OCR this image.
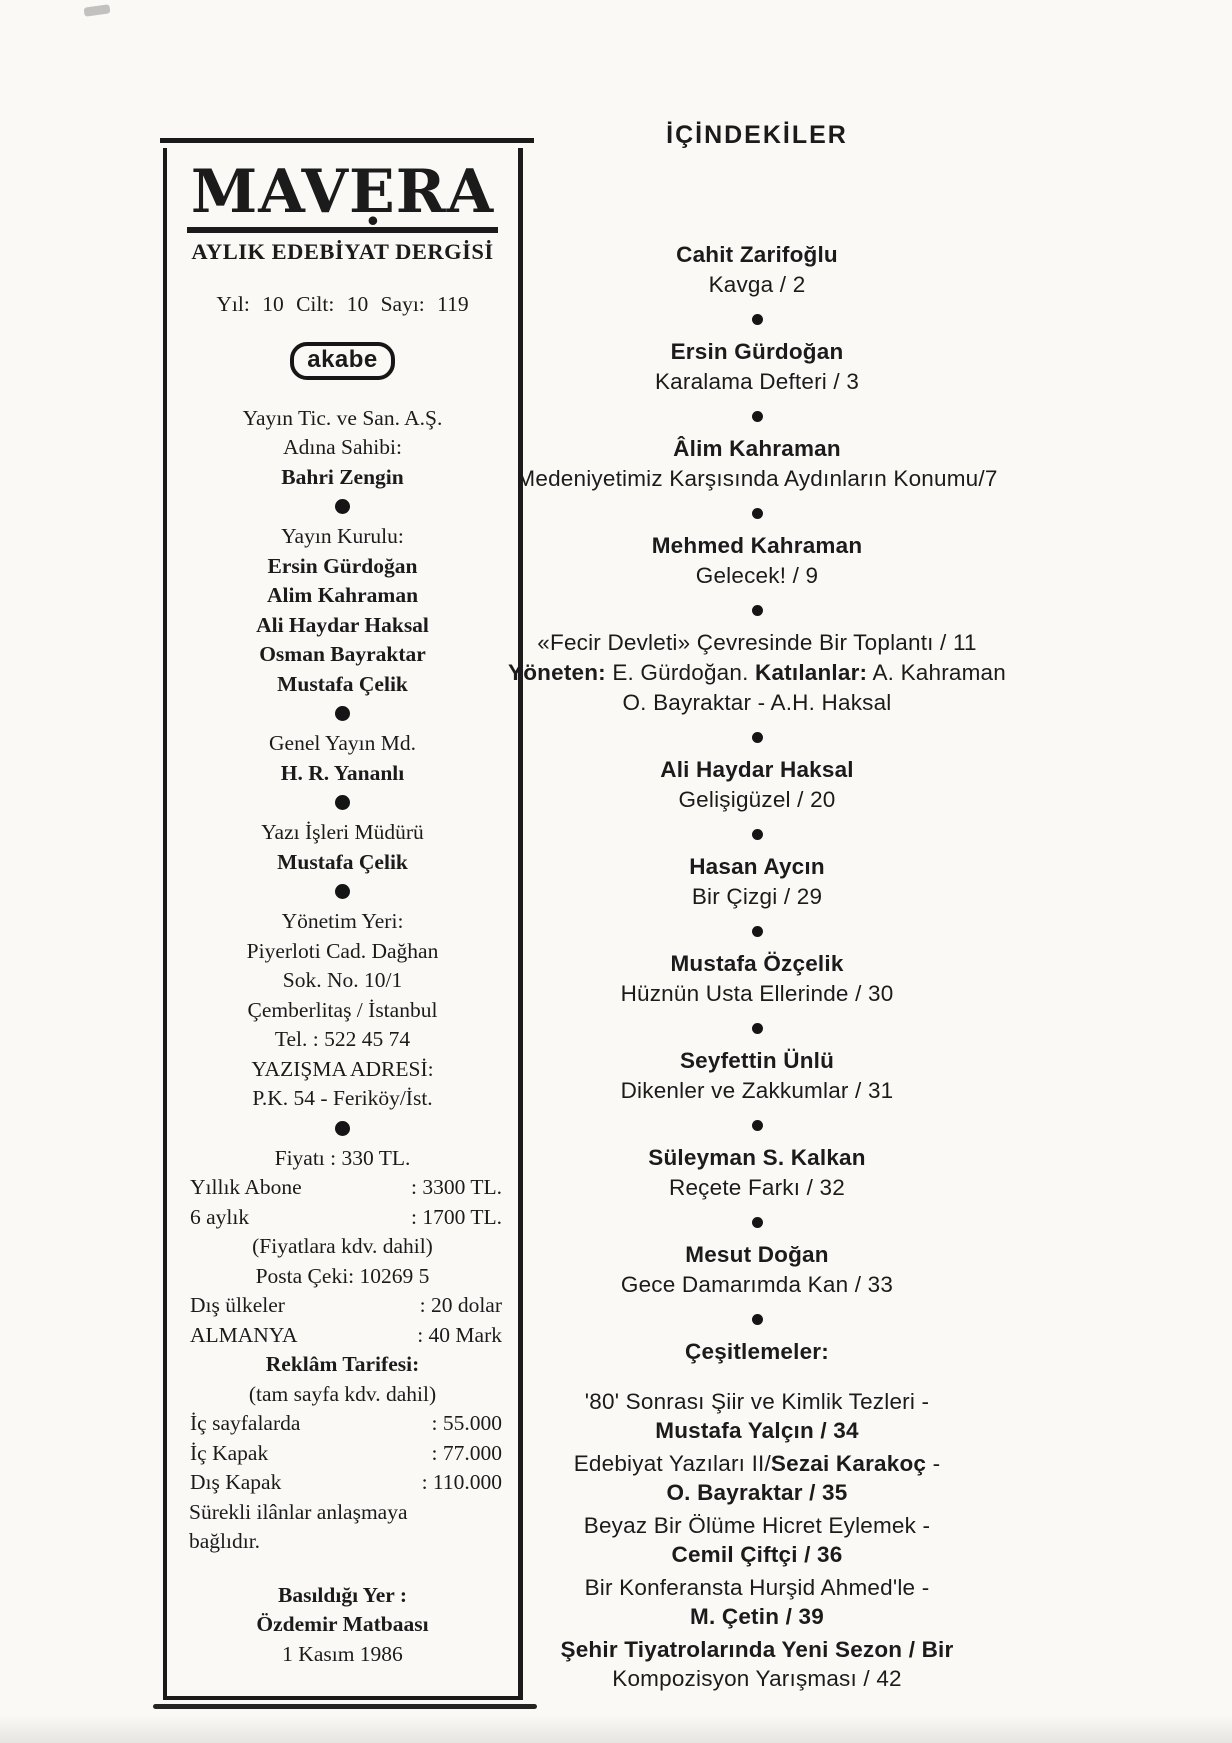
MAVẸRA
AYLIK EDEBİYAT DERGİSİ
Yıl: 10 Cilt: 10 Sayı: 119
akabe
Yayın Tic. ve San. A.Ş.
Adına Sahibi:
Bahri Zengin
Yayın Kurulu:
Ersin Gürdoğan
Alim Kahraman
Ali Haydar Haksal
Osman Bayraktar
Mustafa Çelik
Genel Yayın Md.
H. R. Yananlı
Yazı İşleri Müdürü
Mustafa Çelik
Yönetim Yeri:
Piyerloti Cad. Dağhan
Sok. No. 10/1
Çemberlitaş / İstanbul
Tel. : 522 45 74
YAZIŞMA ADRESİ:
P.K. 54 - Feriköy/İst.
Fiyatı : 330 TL.
Yıllık Abone	: 3300 TL.
6 aylık	: 1700 TL.
(Fiyatlara kdv. dahil)
Posta Çeki: 10269 5
Dış ülkeler	: 20 dolar
ALMANYA	: 40 Mark
Reklâm Tarifesi:
(tam sayfa kdv. dahil)
İç sayfalarda	: 55.000
İç Kapak	: 77.000
Dış Kapak	: 110.000
Sürekli ilânlar anlaşmaya
bağlıdır.
Basıldığı Yer :
Özdemir Matbaası
1 Kasım 1986
İÇİNDEKİLER
Cahit Zarifoğlu
Kavga / 2
Ersin Gürdoğan
Karalama Defteri / 3
Âlim Kahraman
Medeniyetimiz Karşısında Aydınların Konumu/7
Mehmed Kahraman
Gelecek! / 9
«Fecir Devleti» Çevresinde Bir Toplantı / 11
Yöneten: E. Gürdoğan. Katılanlar: A. Kahraman
O. Bayraktar - A.H. Haksal
Ali Haydar Haksal
Gelişigüzel / 20
Hasan Aycın
Bir Çizgi / 29
Mustafa Özçelik
Hüznün Usta Ellerinde / 30
Seyfettin Ünlü
Dikenler ve Zakkumlar / 31
Süleyman S. Kalkan
Reçete Farkı / 32
Mesut Doğan
Gece Damarımda Kan / 33
Çeşitlemeler:
'80' Sonrası Şiir ve Kimlik Tezleri -
Mustafa Yalçın / 34
Edebiyat Yazıları II/Sezai Karakoç -
O. Bayraktar / 35
Beyaz Bir Ölüme Hicret Eylemek -
Cemil Çiftçi / 36
Bir Konferansta Hurşid Ahmed'le -
M. Çetin / 39
Şehir Tiyatrolarında Yeni Sezon / Bir
Kompozisyon Yarışması / 42
